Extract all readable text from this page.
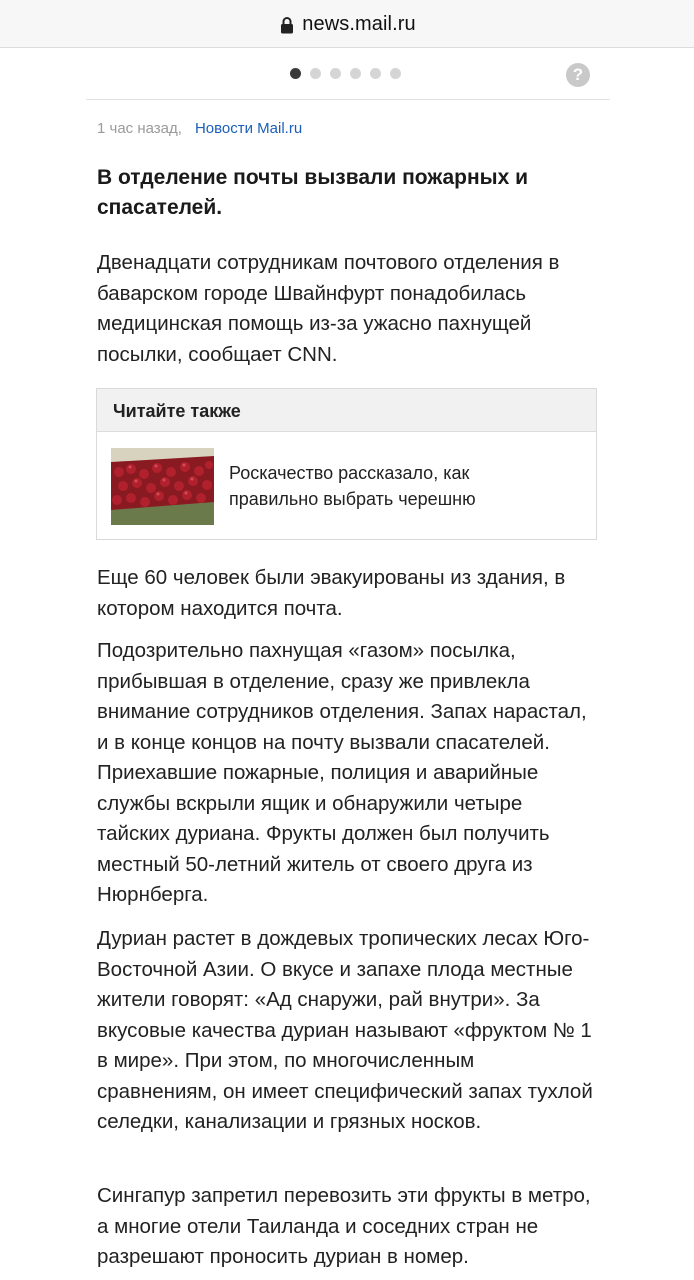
news.mail.ru
?
1 час назад, Новости Mail.ru
В отделение почты вызвали пожарных и спасателей.

Двенадцати сотрудникам почтового отделения в баварском городе Швайнфурт понадобилась медицинская помощь из-за ужасно пахнущей посылки, сообщает CNN.

Читайте также
Роскачество рассказало, как правильно выбрать черешню

Еще 60 человек были эвакуированы из здания, в котором находится почта.

Подозрительно пахнущая «газом» посылка, прибывшая в отделение, сразу же привлекла внимание сотрудников отделения. Запах нарастал, и в конце концов на почту вызвали спасателей. Приехавшие пожарные, полиция и аварийные службы вскрыли ящик и обнаружили четыре тайских дуриана. Фрукты должен был получить местный 50-летний житель от своего друга из Нюрнберга.

Дуриан растет в дождевых тропических лесах Юго-Восточной Азии. О вкусе и запахе плода местные жители говорят: «Ад снаружи, рай внутри». За вкусовые качества дуриан называют «фруктом № 1 в мире». При этом, по многочисленным сравнениям, он имеет специфический запах тухлой селедки, канализации и грязных носков.

Сингапур запретил перевозить эти фрукты в метро, а многие отели Таиланда и соседних стран не разрешают проносить дуриан в номер.
